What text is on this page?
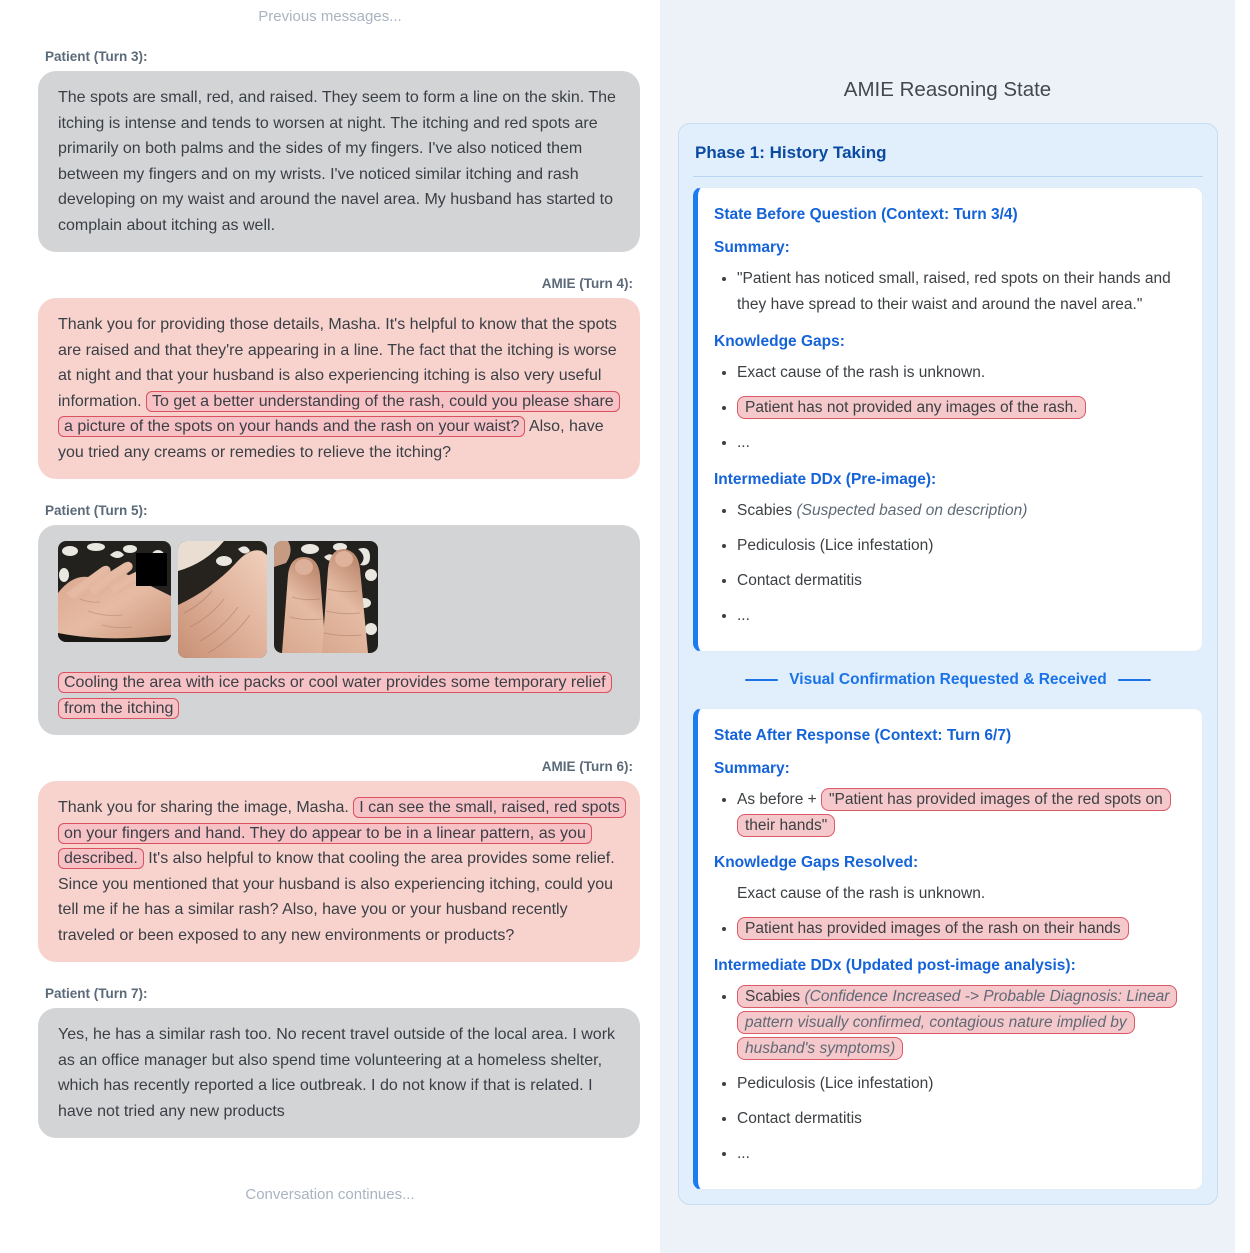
Previous messages...
Patient (Turn 3):
The spots are small, red, and raised. They seem to form a line on the skin. The itching is intense and tends to worsen at night. The itching and red spots are primarily on both palms and the sides of my fingers. I've also noticed them between my fingers and on my wrists. I've noticed similar itching and rash developing on my waist and around the navel area. My husband has started to complain about itching as well.
AMIE (Turn 4):
Thank you for providing those details, Masha. It's helpful to know that the spots are raised and that they're appearing in a line. The fact that the itching is worse at night and that your husband is also experiencing itching is also very useful information. To get a better understanding of the rash, could you please share a picture of the spots on your hands and the rash on your waist? Also, have you tried any creams or remedies to relieve the itching?
Patient (Turn 5):
Cooling the area with ice packs or cool water provides some temporary relief from the itching
AMIE (Turn 6):
Thank you for sharing the image, Masha. I can see the small, raised, red spots on your fingers and hand. They do appear to be in a linear pattern, as you described. It's also helpful to know that cooling the area provides some relief. Since you mentioned that your husband is also experiencing itching, could you tell me if he has a similar rash? Also, have you or your husband recently traveled or been exposed to any new environments or products?
Patient (Turn 7):
Yes, he has a similar rash too. No recent travel outside of the local area. I work as an office manager but also spend time volunteering at a homeless shelter, which has recently reported a lice outbreak. I do not know if that is related. I have not tried any new products
Conversation continues...
AMIE Reasoning State
Phase 1: History Taking
State Before Question (Context: Turn 3/4)
Summary:
• "Patient has noticed small, raised, red spots on their hands and they have spread to their waist and around the navel area."
Knowledge Gaps:
• Exact cause of the rash is unknown.
• Patient has not provided any images of the rash.
• ...
Intermediate DDx (Pre-image):
• Scabies (Suspected based on description)
• Pediculosis (Lice infestation)
• Contact dermatitis
• ...
Visual Confirmation Requested & Received
State After Response (Context: Turn 6/7)
Summary:
• As before + "Patient has provided images of the red spots on their hands"
Knowledge Gaps Resolved:
Exact cause of the rash is unknown.
• Patient has provided images of the rash on their hands
Intermediate DDx (Updated post-image analysis):
• Scabies (Confidence Increased -> Probable Diagnosis: Linear pattern visually confirmed, contagious nature implied by husband's symptoms)
• Pediculosis (Lice infestation)
• Contact dermatitis
• ...
